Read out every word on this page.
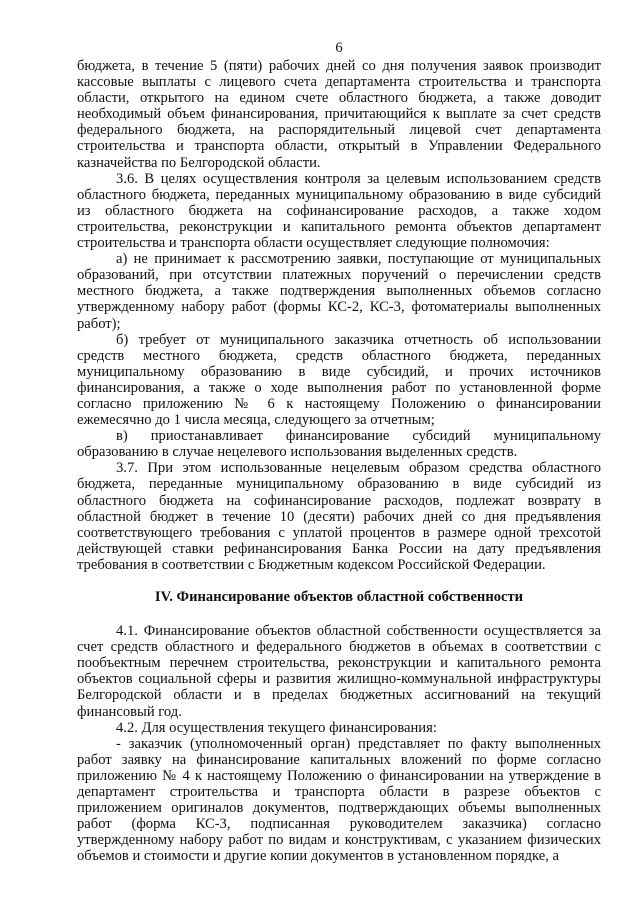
6

бюджета, в течение 5 (пяти) рабочих дней со дня получения заявок производит кассовые выплаты с лицевого счета департамента строительства и транспорта области, открытого на едином счете областного бюджета, а также доводит необходимый объем финансирования, причитающийся к выплате за счет средств федерального бюджета, на распорядительный лицевой счет департамента строительства и транспорта области, открытый в Управлении Федерального казначейства по Белгородской области.

3.6. В целях осуществления контроля за целевым использованием средств областного бюджета, переданных муниципальному образованию в виде субсидий из областного бюджета на софинансирование расходов, а также ходом строительства, реконструкции и капитального ремонта объектов департамент строительства и транспорта области осуществляет следующие полномочия:

а) не принимает к рассмотрению заявки, поступающие от муниципальных образований, при отсутствии платежных поручений о перечислении средств местного бюджета, а также подтверждения выполненных объемов согласно утвержденному набору работ (формы КС-2, КС-3, фотоматериалы выполненных работ);

б) требует от муниципального заказчика отчетность об использовании средств местного бюджета, средств областного бюджета, переданных муниципальному образованию в виде субсидий, и прочих источников финансирования, а также о ходе выполнения работ по установленной форме согласно приложению № 6 к настоящему Положению о финансировании ежемесячно до 1 числа месяца, следующего за отчетным;

в) приостанавливает финансирование субсидий муниципальному образованию в случае нецелевого использования выделенных средств.

3.7. При этом использованные нецелевым образом средства областного бюджета, переданные муниципальному образованию в виде субсидий из областного бюджета на софинансирование расходов, подлежат возврату в областной бюджет в течение 10 (десяти) рабочих дней со дня предъявления соответствующего требования с уплатой процентов в размере одной трехсотой действующей ставки рефинансирования Банка России на дату предъявления требования в соответствии с Бюджетным кодексом Российской Федерации.

IV. Финансирование объектов областной собственности

4.1. Финансирование объектов областной собственности осуществляется за счет средств областного и федерального бюджетов в объемах в соответствии с пообъектным перечнем строительства, реконструкции и капитального ремонта объектов социальной сферы и развития жилищно-коммунальной инфраструктуры Белгородской области и в пределах бюджетных ассигнований на текущий финансовый год.

4.2. Для осуществления текущего финансирования:

- заказчик (уполномоченный орган) представляет по факту выполненных работ заявку на финансирование капитальных вложений по форме согласно приложению № 4 к настоящему Положению о финансировании на утверждение в департамент строительства и транспорта области в разрезе объектов с приложением оригиналов документов, подтверждающих объемы выполненных работ (форма КС-3, подписанная руководителем заказчика) согласно утвержденному набору работ по видам и конструктивам, с указанием физических объемов и стоимости и другие копии документов в установленном порядке, а
